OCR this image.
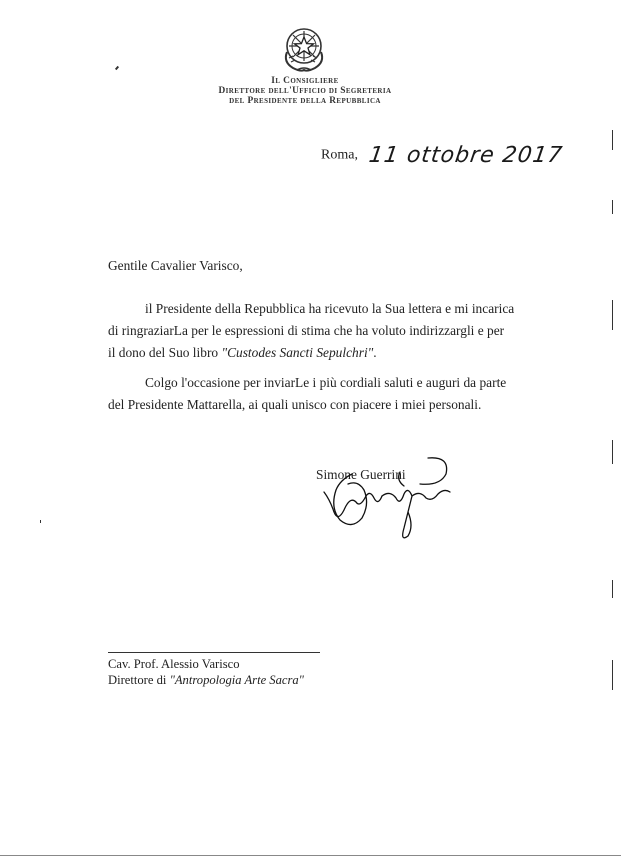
Il Consigliere
Direttore dell'Ufficio di Segreteria
del Presidente della Repubblica
Roma, 11 ottobre 2017
Gentile Cavalier Varisco,
il Presidente della Repubblica ha ricevuto la Sua lettera e mi incarica
di ringraziarLa per le espressioni di stima che ha voluto indirizzargli e per
il dono del Suo libro "Custodes Sancti Sepulchri".
Colgo l'occasione per inviarLe i più cordiali saluti e auguri da parte
del Presidente Mattarella, ai quali unisco con piacere i miei personali.
Simone Guerrini
Cav. Prof. Alessio Varisco
Direttore di "Antropologia Arte Sacra"
